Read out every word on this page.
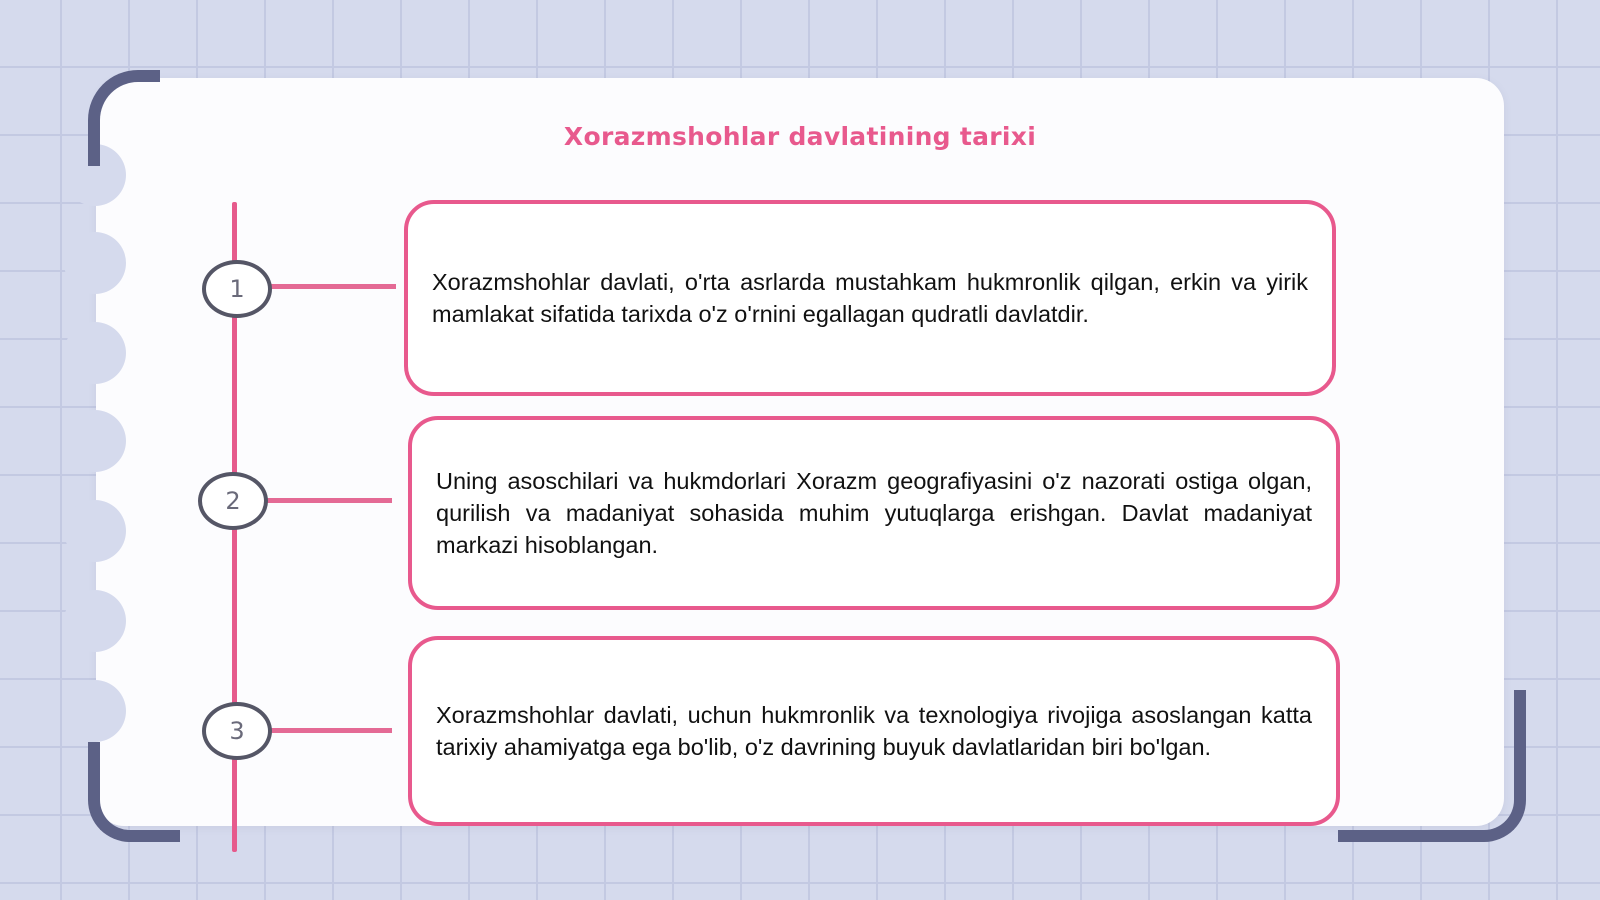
Xorazmshohlar davlatining tarixi
1	Xorazmshohlar davlati, o'rta asrlarda mustahkam hukmronlik qilgan, erkin va yirik mamlakat sifatida tarixda o'z o'rnini egallagan qudratli davlatdir.
2
Uning asoschilari va hukmdorlari Xorazm geografiyasini o'z nazorati ostiga olgan, qurilish va madaniyat sohasida muhim yutuqlarga erishgan. Davlat madaniyat markazi hisoblangan.
3
Xorazmshohlar davlati, uchun hukmronlik va texnologiya rivojiga asoslangan katta tarixiy ahamiyatga ega bo'lib, o'z davrining buyuk davlatlaridan biri bo'lgan.
